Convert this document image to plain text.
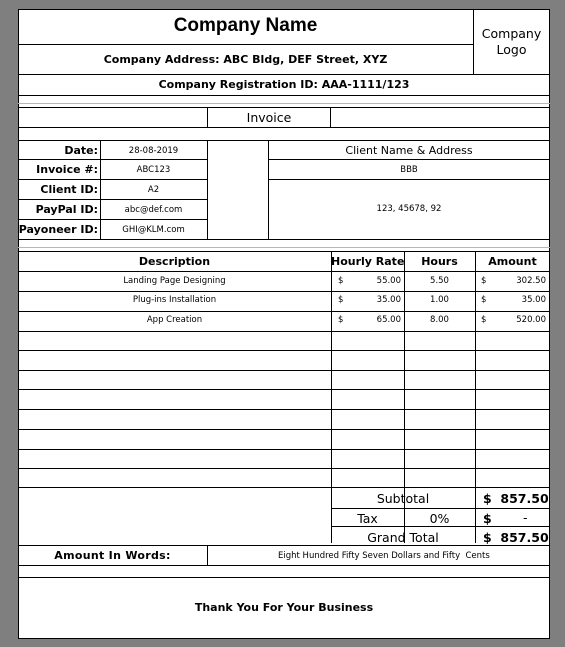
Company Name
Company Address: ABC Bldg, DEF Street, XYZ
Company
Logo
Company Registration ID: AAA-1111/123
Invoice
Date:	28-08-2019
Invoice #:	ABC123
Client ID:	A2
PayPal ID:	abc@def.com
Payoneer ID:	GHI@KLM.com
Client Name & Address
BBB
123, 45678, 92
Description	Hourly Rate	Hours	Amount
Landing Page Designing	$	55.00	5.50	$	302.50
Plug-ins Installation	$	35.00	1.00	$	35.00
App Creation	$	65.00	8.00	$	520.00
Subtotal	$  857.50
Tax	0%	$	-
Grand Total	$  857.50
Amount In Words:	Eight Hundred Fifty Seven Dollars and Fifty  Cents
Thank You For Your Business
